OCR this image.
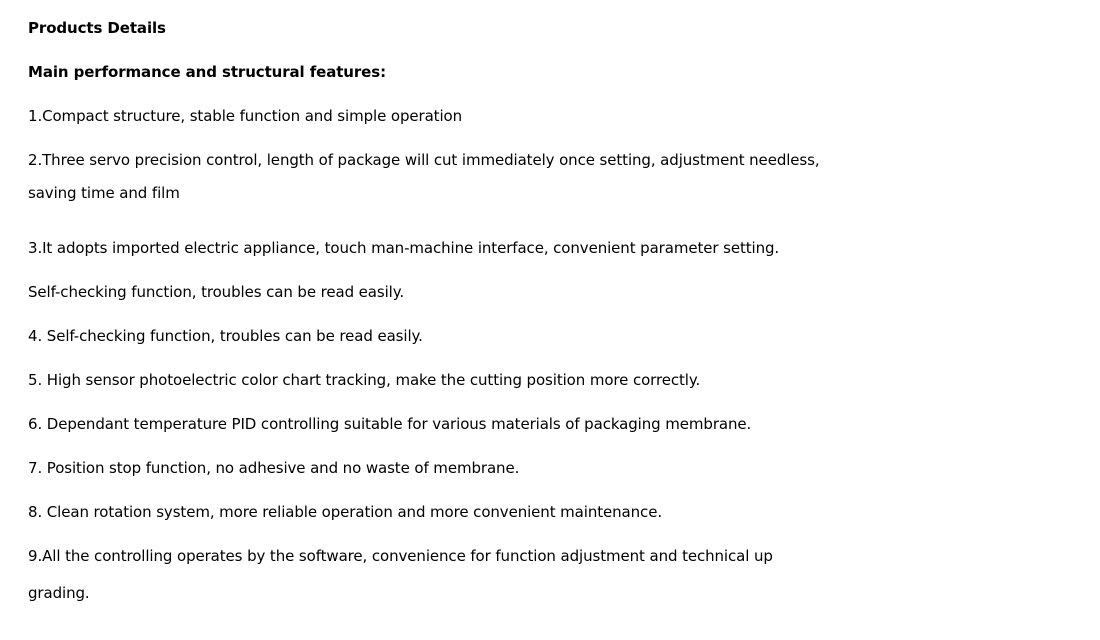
Products Details
Main performance and structural features:
1.Compact structure, stable function and simple operation
2.Three servo precision control, length of package will cut immediately once setting, adjustment needless,
saving time and film
3.It adopts imported electric appliance, touch man-machine interface, convenient parameter setting.
Self-checking function, troubles can be read easily.
4. Self-checking function, troubles can be read easily.
5. High sensor photoelectric color chart tracking, make the cutting position more correctly.
6. Dependant temperature PID controlling suitable for various materials of packaging membrane.
7. Position stop function, no adhesive and no waste of membrane.
8. Clean rotation system, more reliable operation and more convenient maintenance.
9.All the controlling operates by the software, convenience for function adjustment and technical up
grading.
